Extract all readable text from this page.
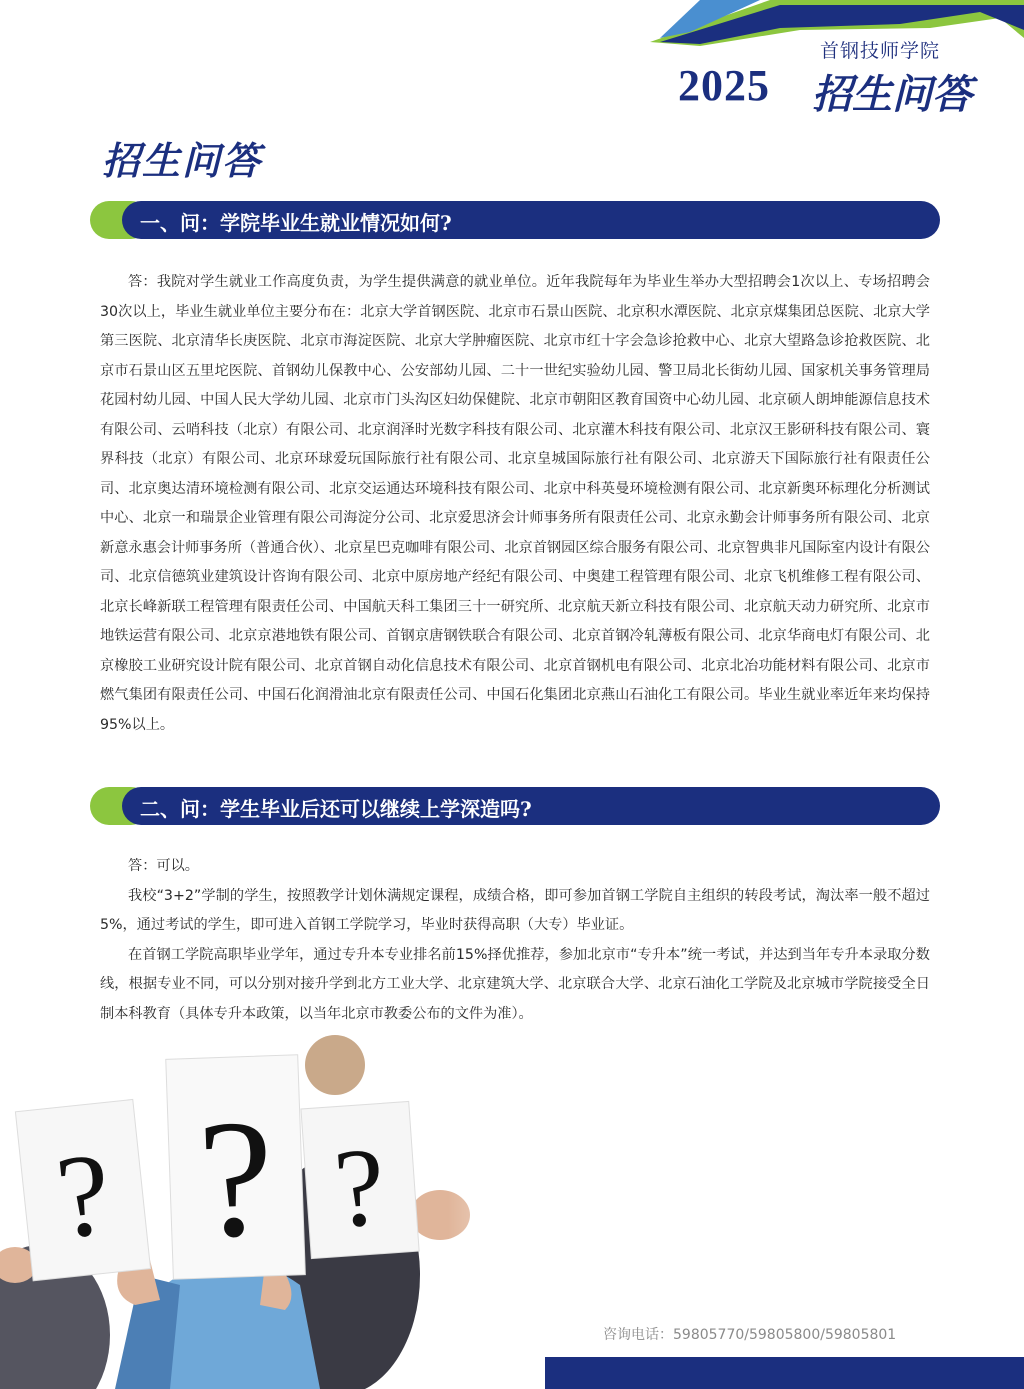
首钢技师学院
2025 招生问答
招生问答
一、问：学院毕业生就业情况如何?

答：我院对学生就业工作高度负责，为学生提供满意的就业单位。近年我院每年为毕业生举办大型招聘会1次以上、专场招聘会30次以上，毕业生就业单位主要分布在：北京大学首钢医院、北京市石景山医院、北京积水潭医院、北京京煤集团总医院、北京大学第三医院、北京清华长庚医院、北京市海淀医院、北京大学肿瘤医院、北京市红十字会急诊抢救中心、北京大望路急诊抢救医院、北京市石景山区五里坨医院、首钢幼儿保教中心、公安部幼儿园、二十一世纪实验幼儿园、警卫局北长街幼儿园、国家机关事务管理局花园村幼儿园、中国人民大学幼儿园、北京市门头沟区妇幼保健院、北京市朝阳区教育国资中心幼儿园、北京硕人朗坤能源信息技术有限公司、云哨科技（北京）有限公司、北京润泽时光数字科技有限公司、北京灌木科技有限公司、北京汉王影研科技有限公司、寰界科技（北京）有限公司、北京环球爱玩国际旅行社有限公司、北京皇城国际旅行社有限公司、北京游天下国际旅行社有限责任公司、北京奥达清环境检测有限公司、北京交运通达环境科技有限公司、北京中科英曼环境检测有限公司、北京新奥环标理化分析测试中心、北京一和瑞景企业管理有限公司海淀分公司、北京爱思济会计师事务所有限责任公司、北京永勤会计师事务所有限公司、北京新意永惠会计师事务所（普通合伙）、北京星巴克咖啡有限公司、北京首钢园区综合服务有限公司、北京智典非凡国际室内设计有限公司、北京信德筑业建筑设计咨询有限公司、北京中原房地产经纪有限公司、中奥建工程管理有限公司、北京飞机维修工程有限公司、北京长峰新联工程管理有限责任公司、中国航天科工集团三十一研究所、北京航天新立科技有限公司、北京航天动力研究所、北京市地铁运营有限公司、北京京港地铁有限公司、首钢京唐钢铁联合有限公司、北京首钢冷轧薄板有限公司、北京华商电灯有限公司、北京橡胶工业研究设计院有限公司、北京首钢自动化信息技术有限公司、北京首钢机电有限公司、北京北冶功能材料有限公司、北京市燃气集团有限责任公司、中国石化润滑油北京有限责任公司、中国石化集团北京燕山石油化工有限公司。毕业生就业率近年来均保持95%以上。

二、问：学生毕业后还可以继续上学深造吗?

答：可以。

我校“3+2”学制的学生，按照教学计划休满规定课程，成绩合格，即可参加首钢工学院自主组织的转段考试，淘汰率一般不超过5%，通过考试的学生，即可进入首钢工学院学习，毕业时获得高职（大专）毕业证。

在首钢工学院高职毕业学年，通过专升本专业排名前15%择优推荐，参加北京市“专升本”统一考试，并达到当年专升本录取分数线，根据专业不同，可以分别对接升学到北方工业大学、北京建筑大学、北京联合大学、北京石油化工学院及北京城市学院接受全日制本科教育（具体专升本政策，以当年北京市教委公布的文件为准）。

咨询电话：59805770/59805800/59805801
